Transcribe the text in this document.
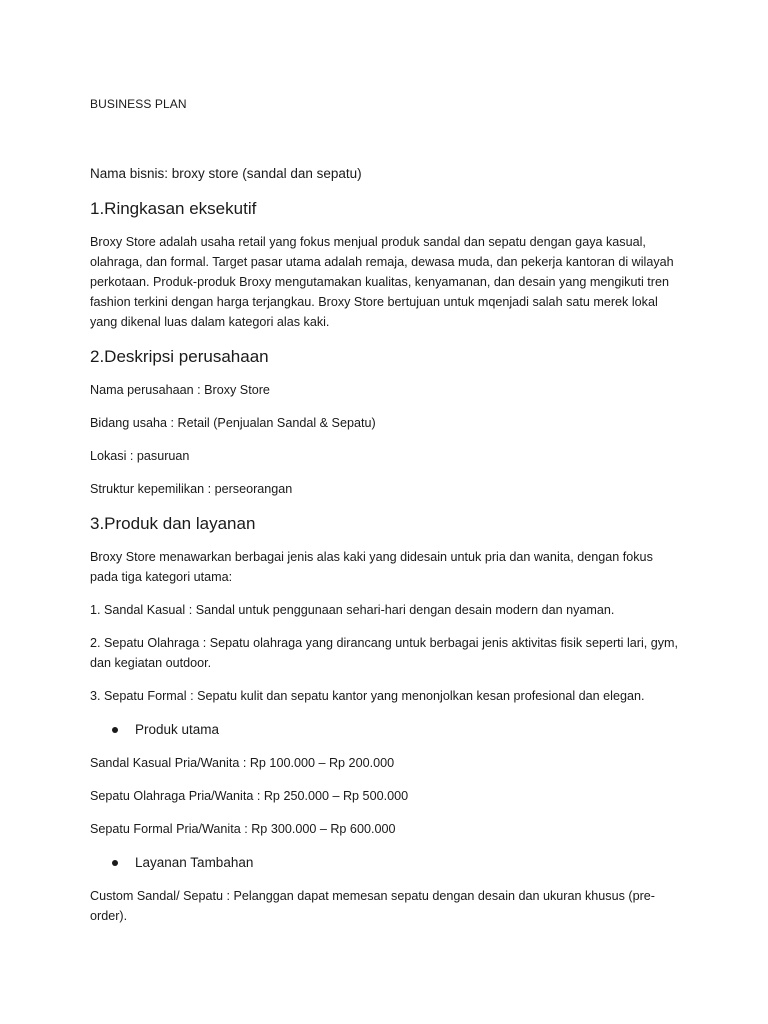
BUSINESS PLAN

Nama bisnis: broxy store (sandal dan sepatu)

1.Ringkasan eksekutif

Broxy Store adalah usaha retail yang fokus menjual produk sandal dan sepatu dengan gaya kasual, olahraga, dan formal. Target pasar utama adalah remaja, dewasa muda, dan pekerja kantoran di wilayah perkotaan. Produk-produk Broxy mengutamakan kualitas, kenyamanan, dan desain yang mengikuti tren fashion terkini dengan harga terjangkau. Broxy Store bertujuan untuk mqenjadi salah satu merek lokal yang dikenal luas dalam kategori alas kaki.

2.Deskripsi perusahaan

Nama perusahaan : Broxy Store

Bidang usaha : Retail (Penjualan Sandal & Sepatu)

Lokasi : pasuruan

Struktur kepemilikan : perseorangan

3.Produk dan layanan

Broxy Store menawarkan berbagai jenis alas kaki yang didesain untuk pria dan wanita, dengan fokus pada tiga kategori utama:

1. Sandal Kasual : Sandal untuk penggunaan sehari-hari dengan desain modern dan nyaman.

2. Sepatu Olahraga : Sepatu olahraga yang dirancang untuk berbagai jenis aktivitas fisik seperti lari, gym, dan kegiatan outdoor.

3. Sepatu Formal : Sepatu kulit dan sepatu kantor yang menonjolkan kesan profesional dan elegan.

Produk utama

Sandal Kasual Pria/Wanita : Rp 100.000 – Rp 200.000

Sepatu Olahraga Pria/Wanita : Rp 250.000 – Rp 500.000

Sepatu Formal Pria/Wanita : Rp 300.000 – Rp 600.000

Layanan Tambahan

Custom Sandal/ Sepatu : Pelanggan dapat memesan sepatu dengan desain dan ukuran khusus (pre-order).
